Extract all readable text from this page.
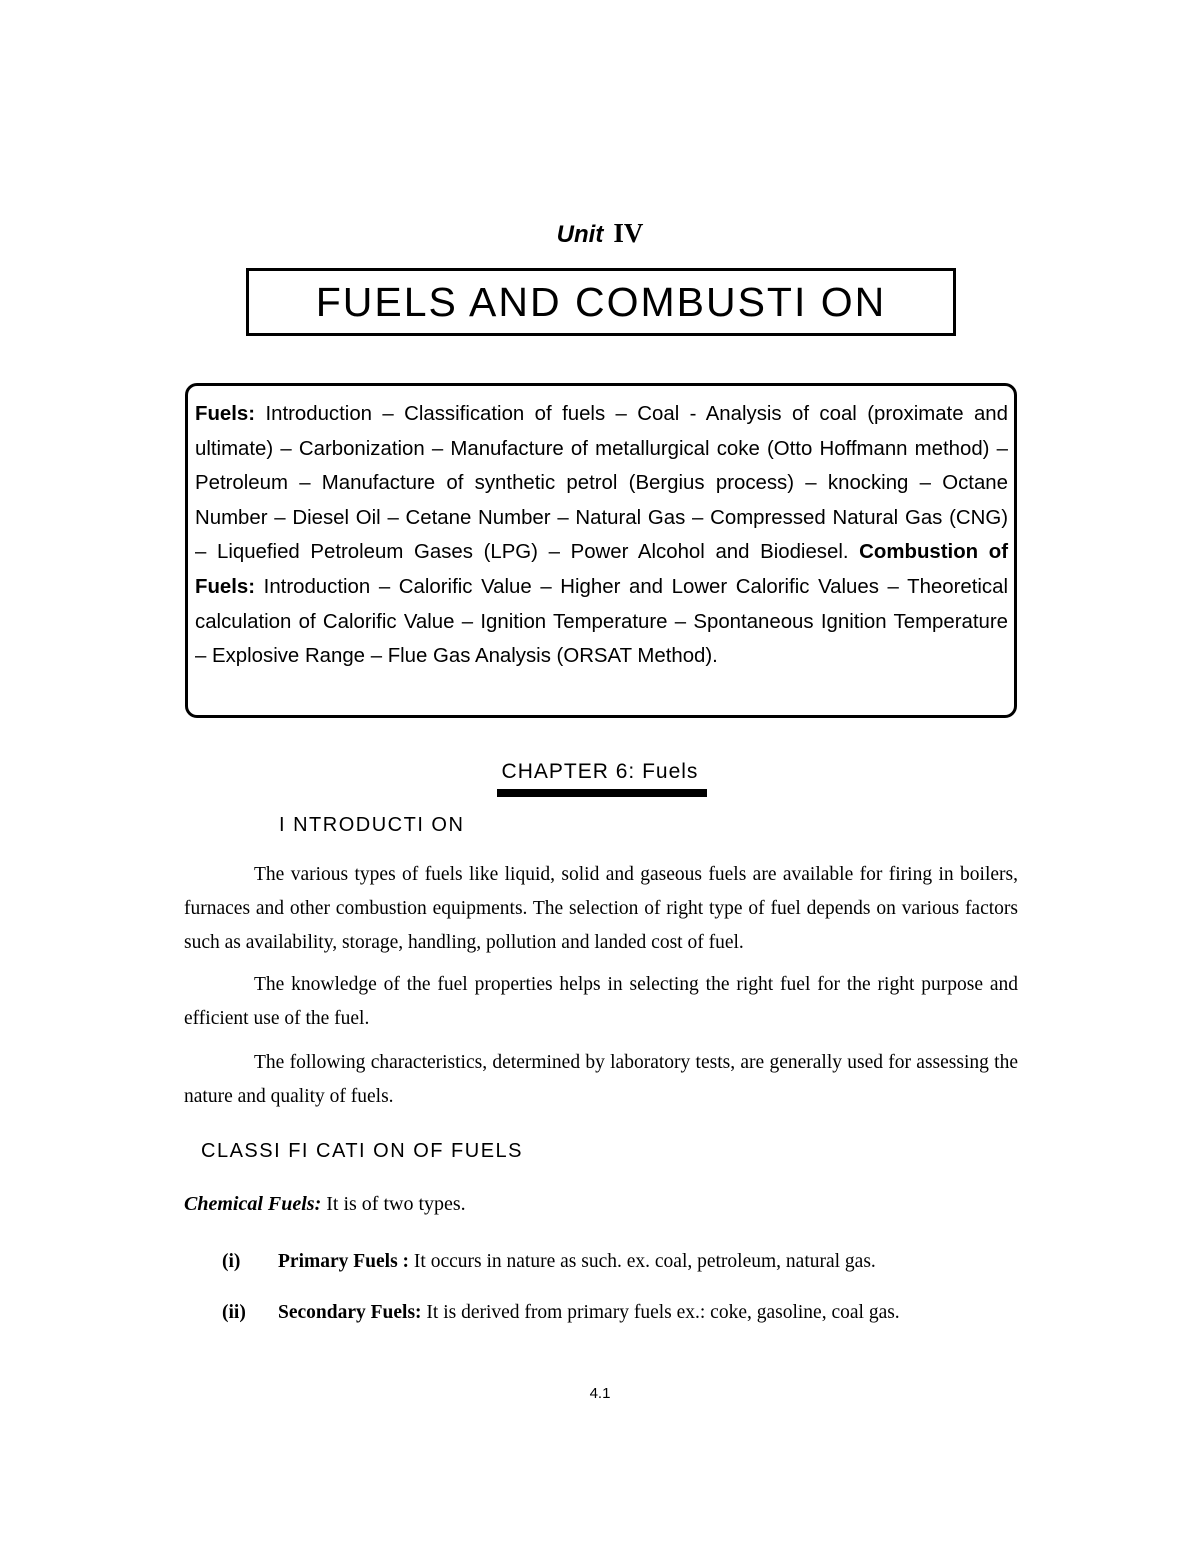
Unit IV
FUELS AND COMBUSTI ON

Fuels: Introduction – Classification of fuels – Coal - Analysis of coal (proximate and ultimate) – Carbonization – Manufacture of metallurgical coke (Otto Hoffmann method) – Petroleum – Manufacture of synthetic petrol (Bergius process) – knocking – Octane Number – Diesel Oil – Cetane Number – Natural Gas – Compressed Natural Gas (CNG) – Liquefied Petroleum Gases (LPG) – Power Alcohol and Biodiesel. Combustion of Fuels: Introduction – Calorific Value – Higher and Lower Calorific Values – Theoretical calculation of Calorific Value – Ignition Temperature – Spontaneous Ignition Temperature – Explosive Range – Flue Gas Analysis (ORSAT Method).

CHAPTER 6: Fuels
I NTRODUCTI ON

The various types of fuels like liquid, solid and gaseous fuels are available for firing in boilers, furnaces and other combustion equipments. The selection of right type of fuel depends on various factors such as availability, storage, handling, pollution and landed cost of fuel.

The knowledge of the fuel properties helps in selecting the right fuel for the right purpose and efficient use of the fuel.

The following characteristics, determined by laboratory tests, are generally used for assessing the nature and quality of fuels.

CLASSI FI CATI ON OF FUELS
Chemical Fuels: It is of two types.
(i) Primary Fuels : It occurs in nature as such. ex. coal, petroleum, natural gas.
(ii) Secondary Fuels: It is derived from primary fuels ex.: coke, gasoline, coal gas.
4.1
